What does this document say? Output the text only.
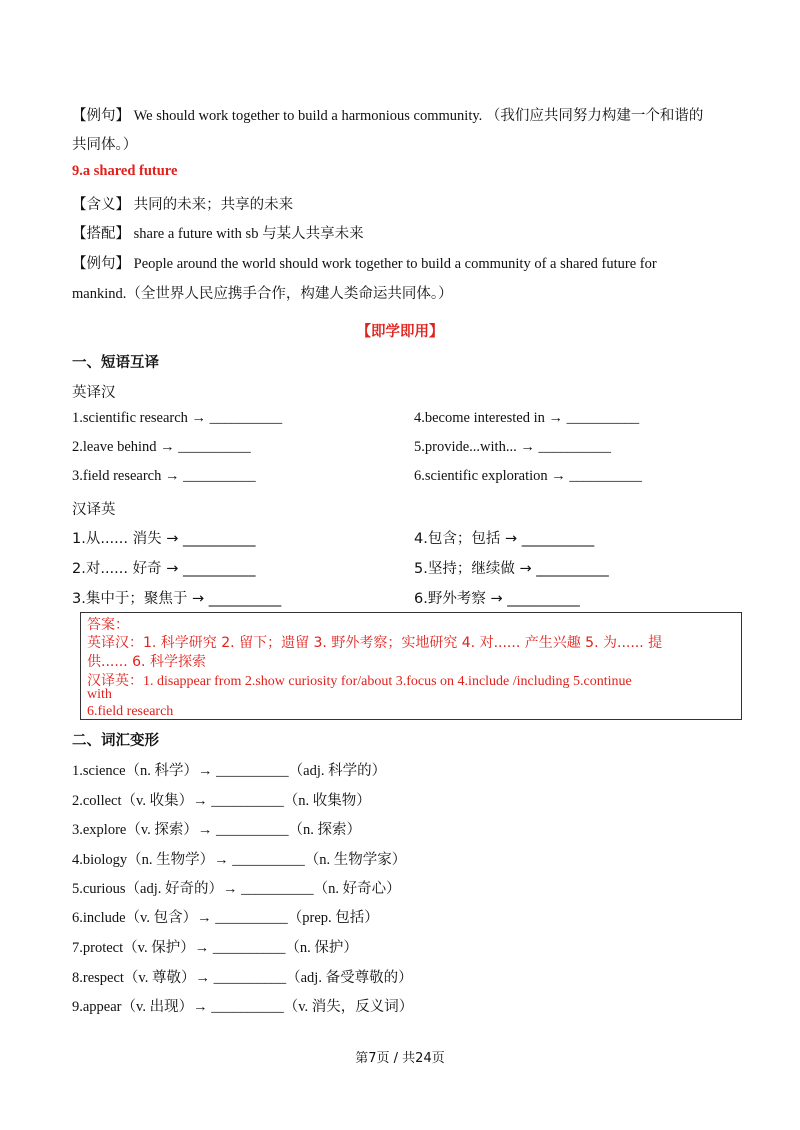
【例句】 We should work together to build a harmonious community. （我们应共同努力构建一个和谐的
共同体。）
9.a shared future
【含义】 共同的未来；共享的未来
【搭配】 share a future with sb 与某人共享未来
【例句】 People around the world should work together to build a community of a shared future for
mankind.（全世界人民应携手合作，构建人类命运共同体。）
【即学即用】
一、短语互译
英译汉
1.scientific research → __________	4.become interested in → __________
2.leave behind → __________	5.provide...with... → __________
3.field research → __________	6.scientific exploration → __________
汉译英
1.从...... 消失 → __________	4.包含；包括 → __________
2.对...... 好奇 → __________	5.坚持；继续做 → __________
3.集中于；聚焦于 → __________	6.野外考察 → __________
答案：
英译汉：1. 科学研究 2. 留下；遗留 3. 野外考察；实地研究 4. 对...... 产生兴趣 5. 为...... 提
供...... 6. 科学探索
汉译英：1. disappear from 2.show curiosity for/about 3.focus on 4.include /including 5.continue
with
6.field research
二、词汇变形
1.science（n. 科学）→ __________（adj. 科学的）
2.collect（v. 收集）→ __________（n. 收集物）
3.explore（v. 探索）→ __________（n. 探索）
4.biology（n. 生物学）→ __________（n. 生物学家）
5.curious（adj. 好奇的）→ __________（n. 好奇心）
6.include（v. 包含）→ __________（prep. 包括）
7.protect（v. 保护）→ __________（n. 保护）
8.respect（v. 尊敬）→ __________（adj. 备受尊敬的）
9.appear（v. 出现）→ __________（v. 消失，反义词）
第7页 / 共24页
